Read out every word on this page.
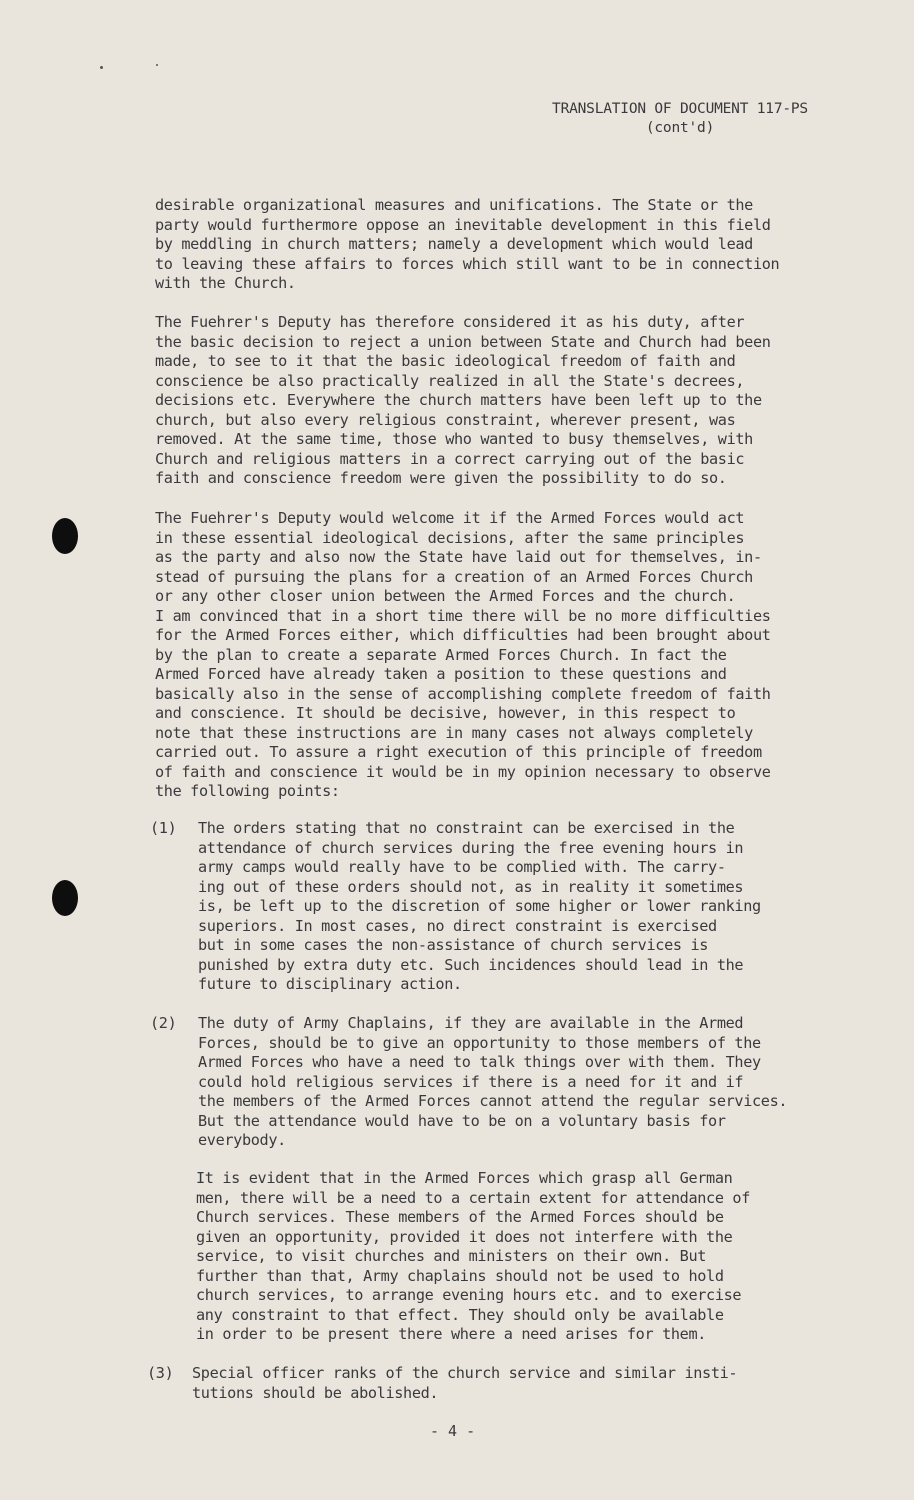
TRANSLATION OF DOCUMENT 117-PS
(cont'd)
desirable organizational measures and unifications. The State or the
party would furthermore oppose an inevitable development in this field
by meddling in church matters; namely a development which would lead
to leaving these affairs to forces which still want to be in connection
with the Church.
The Fuehrer's Deputy has therefore considered it as his duty, after
the basic decision to reject a union between State and Church had been
made, to see to it that the basic ideological freedom of faith and
conscience be also practically realized in all the State's decrees,
decisions etc. Everywhere the church matters have been left up to the
church, but also every religious constraint, wherever present, was
removed. At the same time, those who wanted to busy themselves, with
Church and religious matters in a correct carrying out of the basic
faith and conscience freedom were given the possibility to do so.
The Fuehrer's Deputy would welcome it if the Armed Forces would act
in these essential ideological decisions, after the same principles
as the party and also now the State have laid out for themselves, in-
stead of pursuing the plans for a creation of an Armed Forces Church
or any other closer union between the Armed Forces and the church.
I am convinced that in a short time there will be no more difficulties
for the Armed Forces either, which difficulties had been brought about
by the plan to create a separate Armed Forces Church. In fact the
Armed Forced have already taken a position to these questions and
basically also in the sense of accomplishing complete freedom of faith
and conscience. It should be decisive, however, in this respect to
note that these instructions are in many cases not always completely
carried out. To assure a right execution of this principle of freedom
of faith and conscience it would be in my opinion necessary to observe
the following points:
(1) The orders stating that no constraint can be exercised in the
attendance of church services during the free evening hours in
army camps would really have to be complied with. The carry-
ing out of these orders should not, as in reality it sometimes
is, be left up to the discretion of some higher or lower ranking
superiors. In most cases, no direct constraint is exercised
but in some cases the non-assistance of church services is
punished by extra duty etc. Such incidences should lead in the
future to disciplinary action.
(2) The duty of Army Chaplains, if they are available in the Armed
Forces, should be to give an opportunity to those members of the
Armed Forces who have a need to talk things over with them. They
could hold religious services if there is a need for it and if
the members of the Armed Forces cannot attend the regular services.
But the attendance would have to be on a voluntary basis for
everybody.
It is evident that in the Armed Forces which grasp all German
men, there will be a need to a certain extent for attendance of
Church services. These members of the Armed Forces should be
given an opportunity, provided it does not interfere with the
service, to visit churches and ministers on their own. But
further than that, Army chaplains should not be used to hold
church services, to arrange evening hours etc. and to exercise
any constraint to that effect. They should only be available
in order to be present there where a need arises for them.
(3) Special officer ranks of the church service and similar insti-
tutions should be abolished.
- 4 -
